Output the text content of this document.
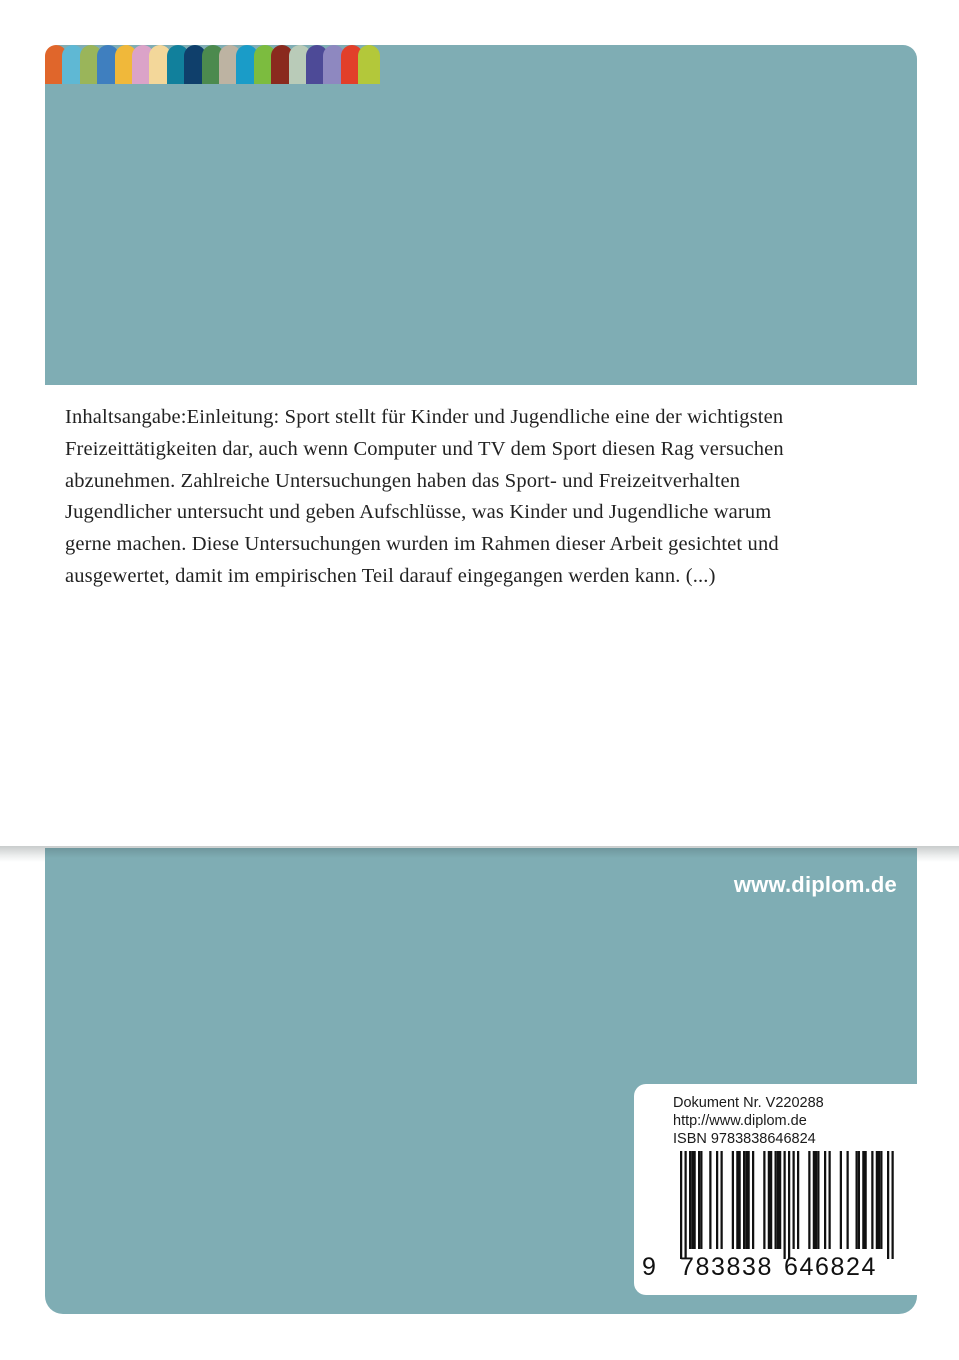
Inhaltsangabe:Einleitung: Sport stellt für Kinder und Jugendliche eine der wichtigsten
Freizeittätigkeiten dar, auch wenn Computer und TV dem Sport diesen Rag versuchen
abzunehmen. Zahlreiche Untersuchungen haben das Sport- und Freizeitverhalten
Jugendlicher untersucht und geben Aufschlüsse, was Kinder und Jugendliche warum
gerne machen. Diese Untersuchungen wurden im Rahmen dieser Arbeit gesichtet und
ausgewertet, damit im empirischen Teil darauf eingegangen werden kann. (...)
www.diplom.de
Dokument Nr. V220288
http://www.diplom.de
ISBN 9783838646824
9 783838 646824
